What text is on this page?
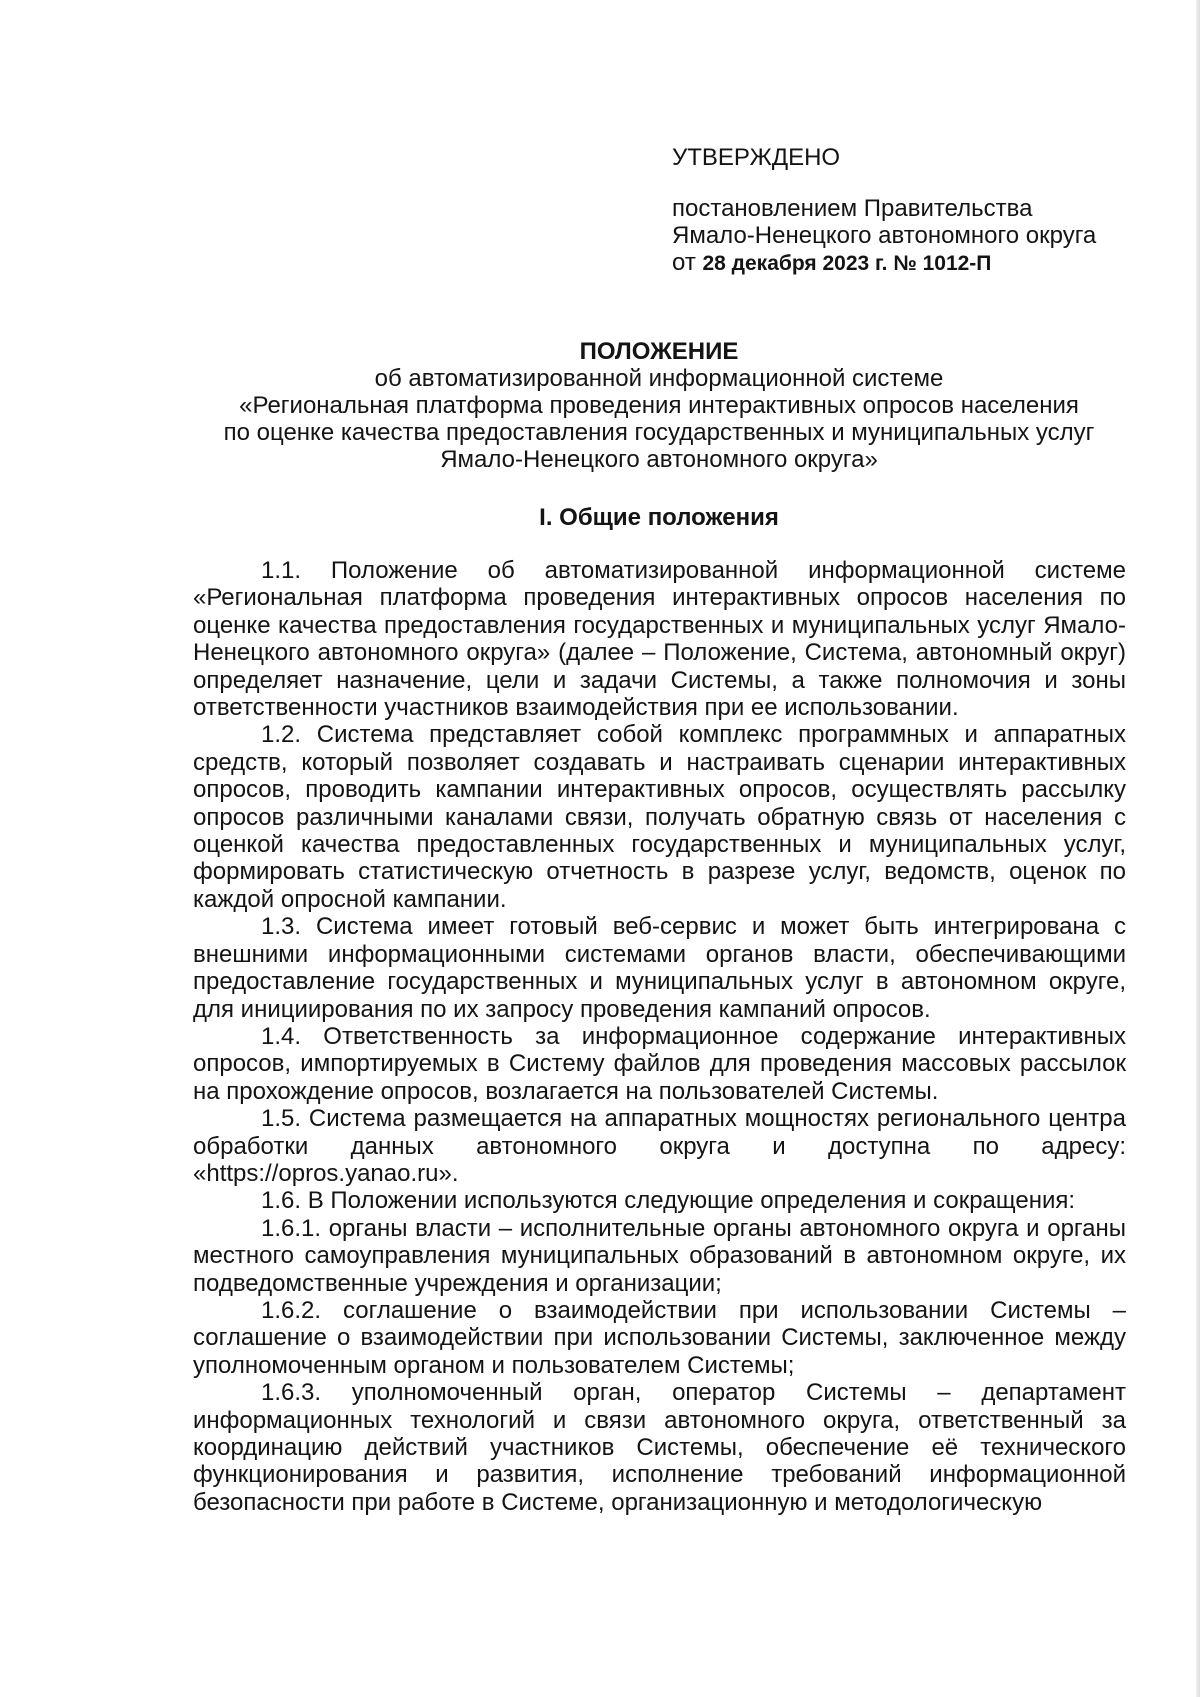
УТВЕРЖДЕНО
постановлением Правительства
Ямало-Ненецкого автономного округа
от 28 декабря 2023 г. № 1012-П
ПОЛОЖЕНИЕ
об автоматизированной информационной системе
«Региональная платформа проведения интерактивных опросов населения
по оценке качества предоставления государственных и муниципальных услуг
Ямало-Ненецкого автономного округа»
I. Общие положения

1.1. Положение об автоматизированной информационной системе «Региональная платформа проведения интерактивных опросов населения по оценке качества предоставления государственных и муниципальных услуг Ямало-Ненецкого автономного округа» (далее – Положение, Система, автономный округ) определяет назначение, цели и задачи Системы, а также полномочия и зоны ответственности участников взаимодействия при ее использовании.

1.2. Система представляет собой комплекс программных и аппаратных средств, который позволяет создавать и настраивать сценарии интерактивных опросов, проводить кампании интерактивных опросов, осуществлять рассылку опросов различными каналами связи, получать обратную связь от населения с оценкой качества предоставленных государственных и муниципальных услуг, формировать статистическую отчетность в разрезе услуг, ведомств, оценок по каждой опросной кампании.

1.3. Система имеет готовый веб-сервис и может быть интегрирована с внешними информационными системами органов власти, обеспечивающими предоставление государственных и муниципальных услуг в автономном округе, для инициирования по их запросу проведения кампаний опросов.

1.4. Ответственность за информационное содержание интерактивных опросов, импортируемых в Систему файлов для проведения массовых рассылок на прохождение опросов, возлагается на пользователей Системы.

1.5. Система размещается на аппаратных мощностях регионального центра обработки данных автономного округа и доступна по адресу: «https://opros.yanao.ru».

1.6. В Положении используются следующие определения и сокращения:

1.6.1. органы власти – исполнительные органы автономного округа и органы местного самоуправления муниципальных образований в автономном округе, их подведомственные учреждения и организации;

1.6.2. соглашение о взаимодействии при использовании Системы – соглашение о взаимодействии при использовании Системы, заключенное между уполномоченным органом и пользователем Системы;

1.6.3. уполномоченный орган, оператор Системы – департамент информационных технологий и связи автономного округа, ответственный за координацию действий участников Системы, обеспечение её технического функционирования и развития, исполнение требований информационной безопасности при работе в Системе, организационную и методологическую
